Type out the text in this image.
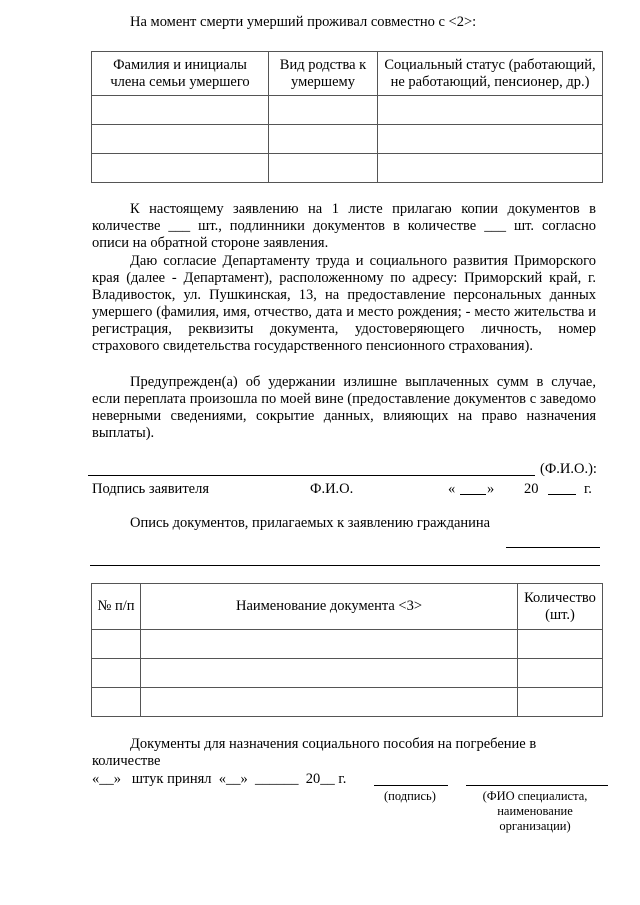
На момент смерти умерший проживал совместно с <2>:
Фамилия и инициалы члена семьи умершего	Вид родства к умершему	Социальный статус (работающий, не работающий, пенсионер, др.)

К настоящему заявлению на 1 листе прилагаю копии документов в количестве ___ шт., подлинники документов в количестве ___ шт. согласно описи на обратной стороне заявления.
Даю согласие Департаменту труда и социального развития Приморского края (далее - Департамент), расположенному по адресу: Приморский край, г. Владивосток, ул. Пушкинская, 13, на предоставление персональных данных умершего (фамилия, имя, отчество, дата и место рождения; - место жительства и регистрация, реквизиты документа, удостоверяющего личность, номер страхового свидетельства государственного пенсионного страхования).
Предупрежден(а) об удержании излишне выплаченных сумм в случае, если переплата произошла по моей вине (предоставление документов с заведомо неверными сведениями, сокрытие данных, влияющих на право назначения выплаты).
(Ф.И.О.):
Подпись заявителя	Ф.И.О.	« » 20	г.
Опись документов, прилагаемых к заявлению гражданина
№ п/п	Наименование документа <3>	Количество (шт.)

Документы для назначения социального пособия на погребение в количестве
«__»   штук принял  «__»  ______  20__ г.
(подпись)	(ФИО специалиста, наименование организации)
